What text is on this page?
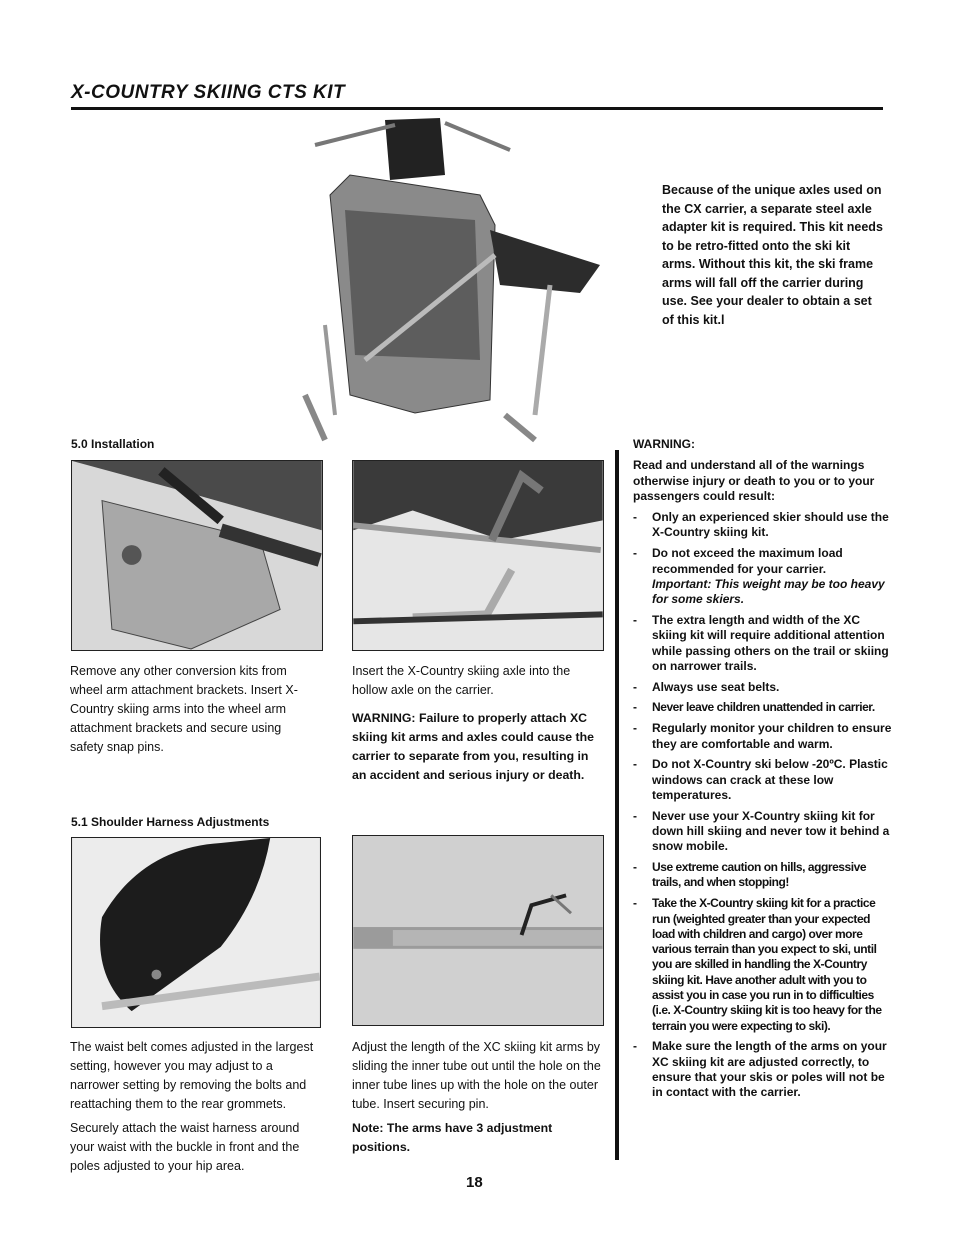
X-COUNTRY SKIING CTS KIT
Because of the unique axles used on the CX carrier, a separate steel axle adapter kit is required. This kit needs to be retro-fitted onto the ski kit arms. Without this kit, the ski frame arms will fall off the carrier during use. See your dealer to obtain a set of this kit.l
5.0 Installation
Remove any other conversion kits from wheel arm attachment brackets. Insert X-Country skiing arms into the wheel arm attachment brackets and secure using safety snap pins.
Insert the X-Country skiing axle into the hollow axle on the carrier.
WARNING: Failure to properly attach XC skiing kit arms and axles could cause the carrier to separate from you, resulting in an accident and serious injury or death.
5.1 Shoulder Harness Adjustments
The waist belt comes adjusted in the largest setting, however you may adjust to a narrower setting by removing the bolts and reattaching them to the rear grommets.
Securely attach the waist harness around your waist with the buckle in front and the poles adjusted to your hip area.
Adjust the length of the XC skiing kit arms by sliding the inner tube out until the hole on the inner tube lines up with the hole on the outer tube. Insert securing pin.
Note: The arms have 3 adjustment positions.

WARNING:

Read and understand all of the warnings otherwise injury or death to you or to your passengers could result:

- Only an experienced skier should use the X-Country skiing kit.
- Do not exceed the maximum load recommended for your carrier.
Important: This weight may be too heavy for some skiers.
- The extra length and width of the XC skiing kit will require additional attention while passing others on the trail or skiing on narrower trails.
- Always use seat belts.
- Never leave children unattended in carrier.
- Regularly monitor your children to ensure they are comfortable and warm.
- Do not X-Country ski below -20ºC. Plastic windows can crack at these low temperatures.
- Never use your X-Country skiing kit for down hill skiing and never tow it behind a snow mobile.
- Use extreme caution on hills, aggressive trails, and when stopping!
- Take the X-Country skiing kit for a practice run (weighted greater than your expected load with children and cargo) over more various terrain than you expect to ski, until you are skilled in handling the X-Country skiing kit. Have another adult with you to assist you in case you run in to difficulties (i.e. X-Country skiing kit is too heavy for the terrain you were expecting to ski).
- Make sure the length of the arms on your XC skiing kit are adjusted correctly, to ensure that your skis or poles will not be in contact with the carrier.
18
